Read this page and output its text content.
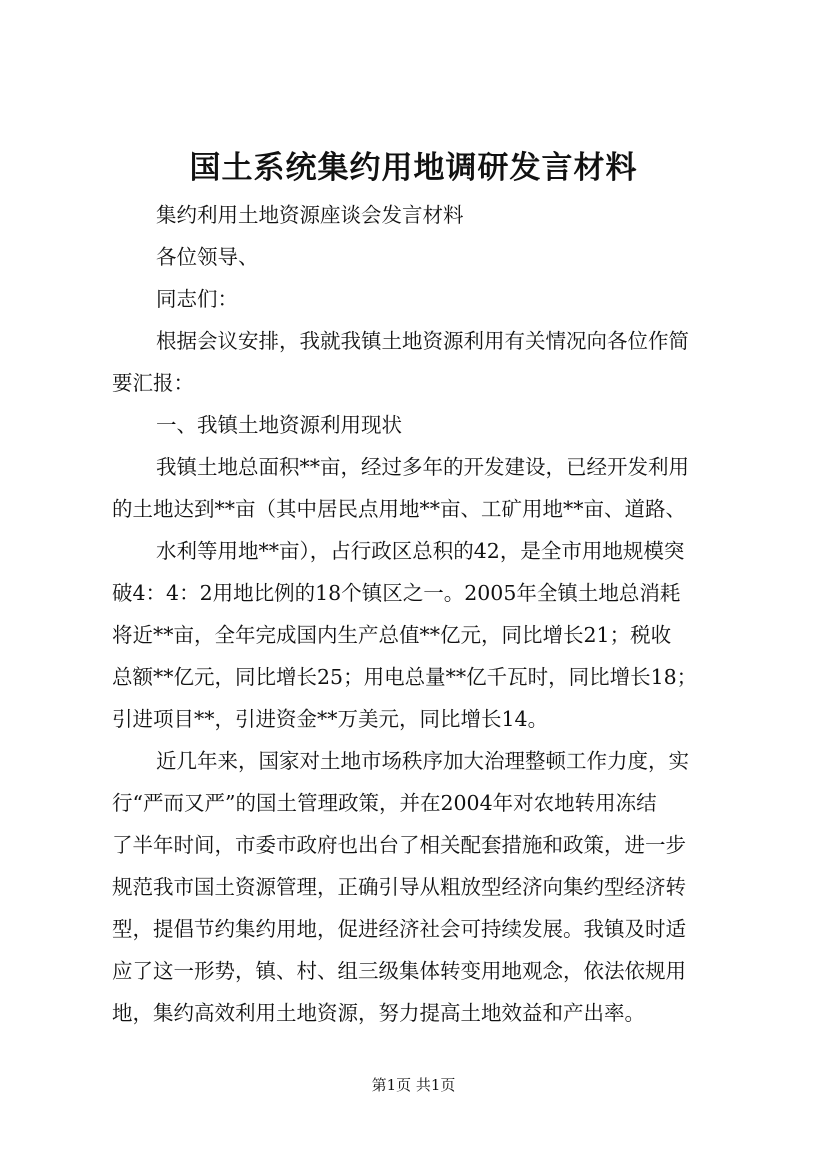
国土系统集约用地调研发言材料

集约利用土地资源座谈会发言材料

各位领导、

同志们：

根据会议安排，我就我镇土地资源利用有关情况向各位作简

要汇报：

一、我镇土地资源利用现状

我镇土地总面积**亩，经过多年的开发建设，已经开发利用

的土地达到**亩（其中居民点用地**亩、工矿用地**亩、道路、

水利等用地**亩），占行政区总积的42，是全市用地规模突

破4：4：2用地比例的18个镇区之一。2005年全镇土地总消耗

将近**亩，全年完成国内生产总值**亿元，同比增长21；税收

总额**亿元，同比增长25；用电总量**亿千瓦时，同比增长18；

引进项目**，引进资金**万美元，同比增长14。

近几年来，国家对土地市场秩序加大治理整顿工作力度，实

行“严而又严”的国土管理政策，并在2004年对农地转用冻结

了半年时间，市委市政府也出台了相关配套措施和政策，进一步

规范我市国土资源管理，正确引导从粗放型经济向集约型经济转

型，提倡节约集约用地，促进经济社会可持续发展。我镇及时适

应了这一形势，镇、村、组三级集体转变用地观念，依法依规用

地，集约高效利用土地资源，努力提高土地效益和产出率。

第1页 共1页
